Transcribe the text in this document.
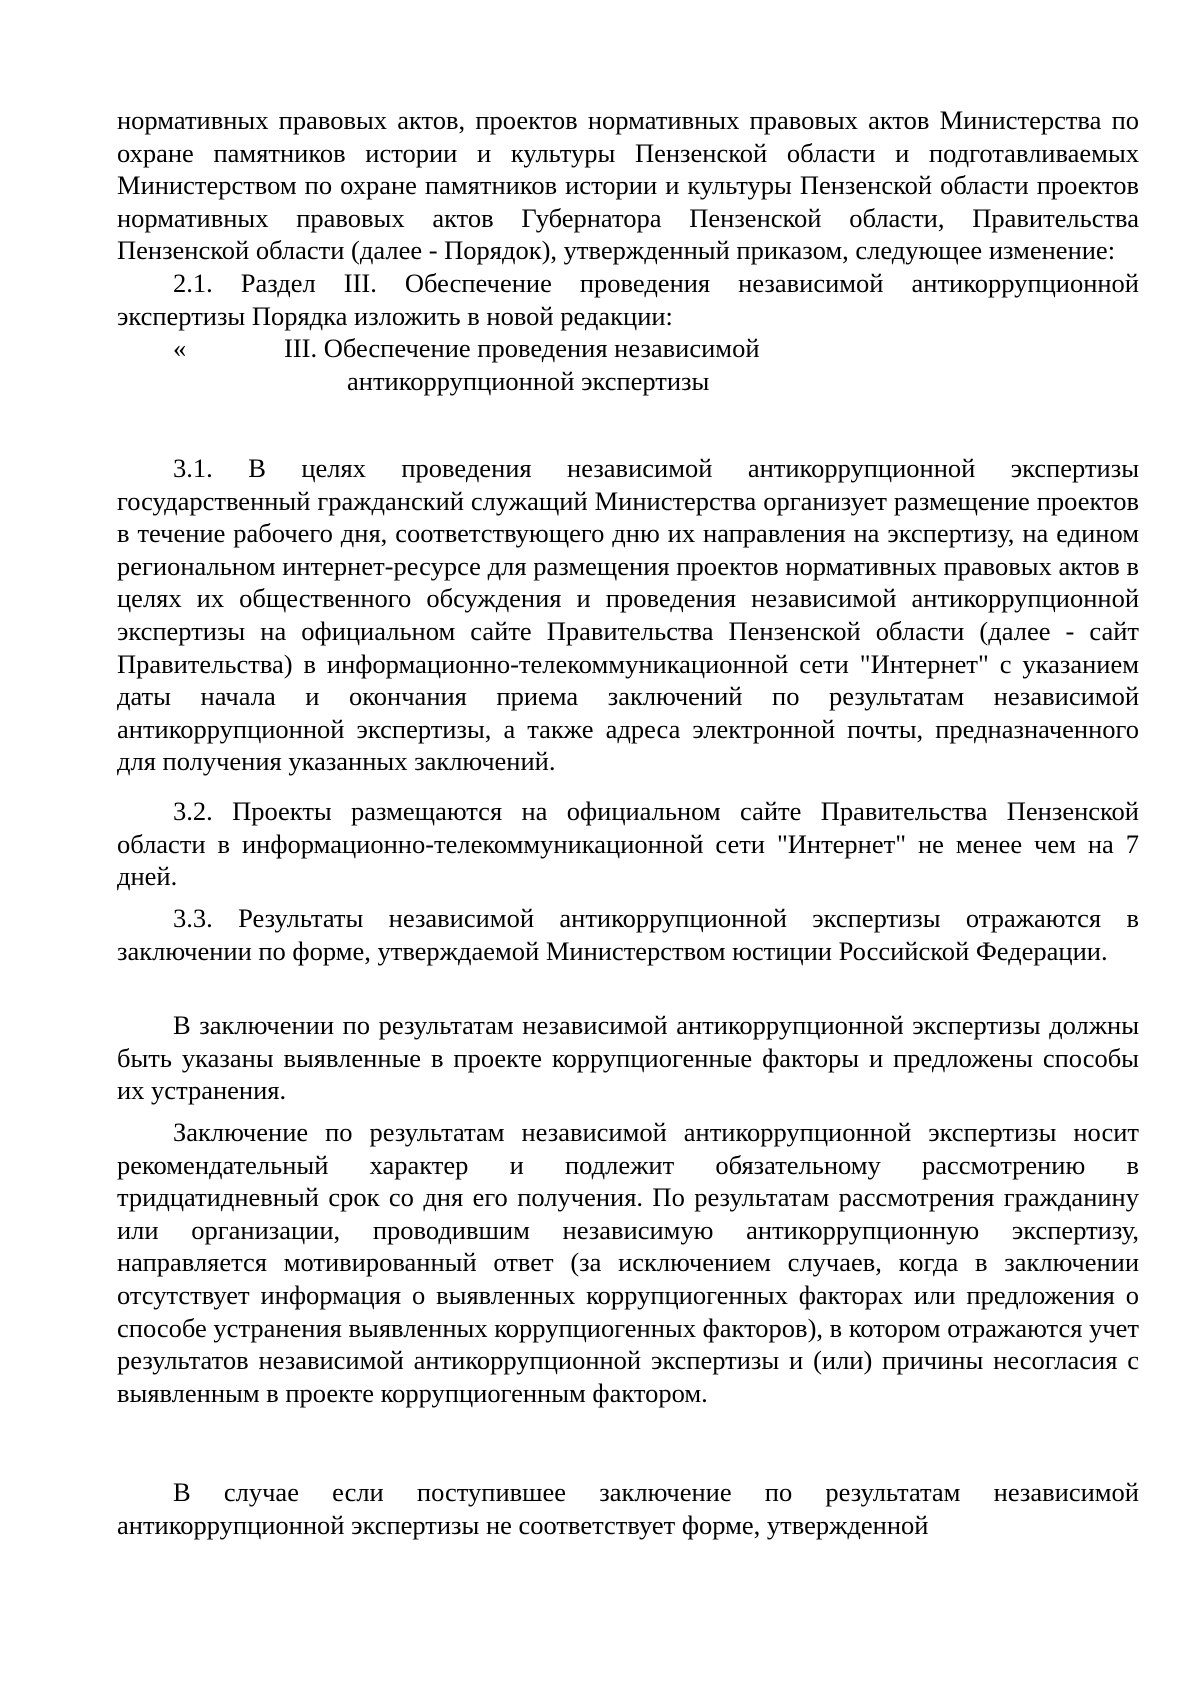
нормативных правовых актов, проектов нормативных правовых актов Министерства по охране памятников истории и культуры Пензенской области и подготавливаемых Министерством по охране памятников истории и культуры Пензенской области проектов нормативных правовых актов Губернатора Пензенской области, Правительства Пензенской области (далее - Порядок), утвержденный приказом, следующее изменение:

2.1. Раздел III. Обеспечение проведения независимой антикоррупционной экспертизы Порядка изложить в новой редакции:

«	III. Обеспечение проведения независимой
антикоррупционной экспертизы

3.1. В целях проведения независимой антикоррупционной экспертизы государственный гражданский служащий Министерства организует размещение проектов в течение рабочего дня, соответствующего дню их направления на экспертизу, на едином региональном интернет-ресурсе для размещения проектов нормативных правовых актов в целях их общественного обсуждения и проведения независимой антикоррупционной экспертизы на официальном сайте Правительства Пензенской области (далее - сайт Правительства) в информационно-телекоммуникационной сети "Интернет" с указанием даты начала и окончания приема заключений по результатам независимой антикоррупционной экспертизы, а также адреса электронной почты, предназначенного для получения указанных заключений.

3.2. Проекты размещаются на официальном сайте Правительства Пензенской области в информационно-телекоммуникационной сети "Интернет" не менее чем на 7 дней.

3.3. Результаты независимой антикоррупционной экспертизы отражаются в заключении по форме, утверждаемой Министерством юстиции Российской Федерации.

В заключении по результатам независимой антикоррупционной экспертизы должны быть указаны выявленные в проекте коррупциогенные факторы и предложены способы их устранения.

Заключение по результатам независимой антикоррупционной экспертизы носит рекомендательный характер и подлежит обязательному рассмотрению в тридцатидневный срок со дня его получения. По результатам рассмотрения гражданину или организации, проводившим независимую антикоррупционную экспертизу, направляется мотивированный ответ (за исключением случаев, когда в заключении отсутствует информация о выявленных коррупциогенных факторах или предложения о способе устранения выявленных коррупциогенных факторов), в котором отражаются учет результатов независимой антикоррупционной экспертизы и (или) причины несогласия с выявленным в проекте коррупциогенным фактором.

В случае если поступившее заключение по результатам независимой антикоррупционной экспертизы не соответствует форме, утвержденной
